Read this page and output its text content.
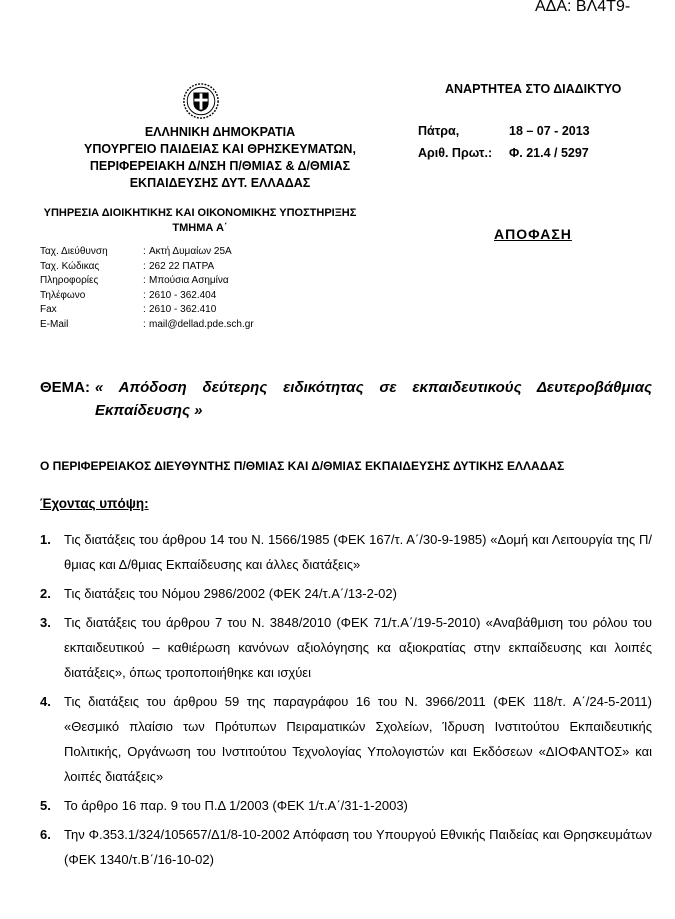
ΑΔΑ: ΒΛ4Τ9-
ΕΛΛΗΝΙΚΗ ΔΗΜΟΚΡΑΤΙΑ
ΥΠΟΥΡΓΕΙΟ ΠΑΙΔΕΙΑΣ ΚΑΙ ΘΡΗΣΚΕΥΜΑΤΩΝ,
ΠΕΡΙΦΕΡΕΙΑΚΗ Δ/ΝΣΗ Π/ΘΜΙΑΣ & Δ/ΘΜΙΑΣ
ΕΚΠΑΙΔΕΥΣΗΣ ΔΥΤ. ΕΛΛΑΔΑΣ
ΥΠΗΡΕΣΙΑ ΔΙΟΙΚΗΤΙΚΗΣ ΚΑΙ ΟΙΚΟΝΟΜΙΚΗΣ ΥΠΟΣΤΗΡΙΞΗΣ
ΤΜΗΜΑ Α΄
ΑΝΑΡΤΗΤΕΑ ΣΤΟ ΔΙΑΔΙΚΤΥΟ
Πάτρα,	18 – 07 - 2013
Αριθ. Πρωτ.: Φ. 21.4 / 5297
ΑΠΟΦΑΣΗ
Ταχ. Διεύθυνση	: Ακτή Δυμαίων 25Α
Ταχ. Κώδικας	: 262 22 ΠΑΤΡΑ
Πληροφορίες	: Μπούσια Ασημίνα
Τηλέφωνο	: 2610 - 362.404
Fax	: 2610 - 362.410
E-Mail	: mail@dellad.pde.sch.gr
ΘΕΜΑ: « Απόδοση δεύτερης ειδικότητας σε εκπαιδευτικούς Δευτεροβάθμιας Εκπαίδευσης »
Ο ΠΕΡΙΦΕΡΕΙΑΚΟΣ ΔΙΕΥΘΥΝΤΗΣ Π/ΘΜΙΑΣ ΚΑΙ Δ/ΘΜΙΑΣ ΕΚΠΑΙΔΕΥΣΗΣ ΔΥΤΙΚΗΣ ΕΛΛΑΔΑΣ
Έχοντας υπόψη:
1. Τις διατάξεις του άρθρου 14 του Ν. 1566/1985 (ΦΕΚ 167/τ. Α΄/30-9-1985) «Δομή και Λειτουργία της Π/θμιας και Δ/θμιας Εκπαίδευσης και άλλες διατάξεις»
2. Τις διατάξεις του Νόμου 2986/2002 (ΦΕΚ 24/τ.Α΄/13-2-02)
3. Τις διατάξεις του άρθρου 7 του Ν. 3848/2010 (ΦΕΚ 71/τ.Α΄/19-5-2010) «Αναβάθμιση του ρόλου του εκπαιδευτικού – καθιέρωση κανόνων αξιολόγησης κα αξιοκρατίας στην εκπαίδευσης και λοιπές διατάξεις», όπως τροποποιήθηκε και ισχύει
4. Τις διατάξεις του άρθρου 59 της παραγράφου 16 του Ν. 3966/2011 (ΦΕΚ 118/τ. Α΄/24-5-2011) «Θεσμικό πλαίσιο των Πρότυπων Πειραματικών Σχολείων, Ίδρυση Ινστιτούτου Εκπαιδευτικής Πολιτικής, Οργάνωση του Ινστιτούτου Τεχνολογίας Υπολογιστών και Εκδόσεων «ΔΙΟΦΑΝΤΟΣ» και λοιπές διατάξεις»
5. Το άρθρο 16 παρ. 9 του Π.Δ 1/2003 (ΦΕΚ 1/τ.Α΄/31-1-2003)
6. Την Φ.353.1/324/105657/Δ1/8-10-2002 Απόφαση του Υπουργού Εθνικής Παιδείας και Θρησκευμάτων (ΦΕΚ 1340/τ.Β΄/16-10-02)
